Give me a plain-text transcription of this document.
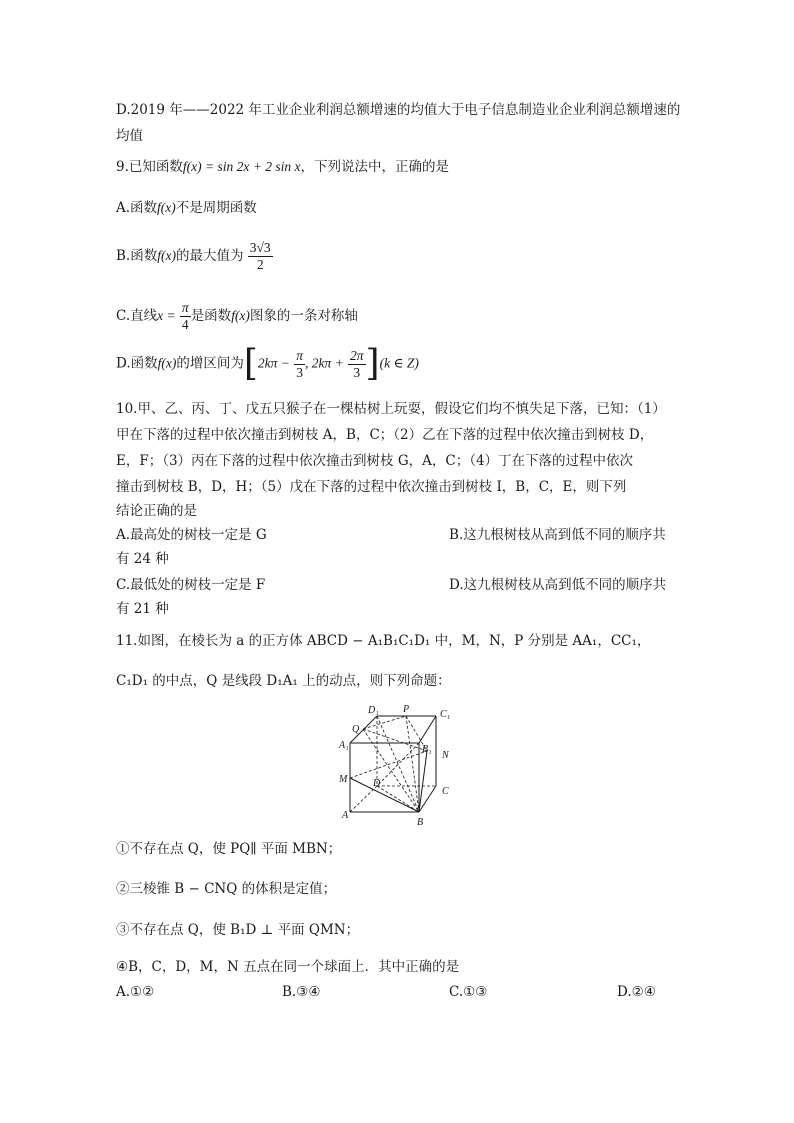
D.2019 年——2022 年工业企业利润总额增速的均值大于电子信息制造业企业利润总额增速的
均值
9.已知函数f(x) = sin 2x + 2 sin x，下列说法中，正确的是
A.函数f(x)不是周期函数
B.函数f(x)的最大值为 $\frac{3√3}{2}$
C.直线$x = \frac{\pi}{4}$ 是函数f(x)图象的一条对称轴
D.函数f(x)的增区间为[$2k\pi - \frac{\pi}{3}$ , $2k\pi + \frac{2\pi}{3} ](k$ ∈ Z)
10.甲、乙、丙、丁、戊五只猴子在一棵枯树上玩耍，假设它们均不慎失足下落，已知：（1）
甲在下落的过程中依次撞击到树枝 A，B，C；（2）乙在下落的过程中依次撞击到树枝 D，
E，F；（3）丙在下落的过程中依次撞击到树枝 G，A，C；（4）丁在下落的过程中依次
撞击到树枝 B，D，H；（5）戊在下落的过程中依次撞击到树枝 I，B，C，E，则下列
结论正确的是
A.最高处的树枝一定是 G	B.这九根树枝从高到低不同的顺序共
有 24 种
C.最低处的树枝一定是 F	D.这九根树枝从高到低不同的顺序共
有 21 种
11.如图，在棱长为 a 的正方体 ABCD − A₁B₁C₁D₁ 中，M，N，P 分别是 AA₁，CC₁，
C₁D₁ 的中点，Q 是线段 D₁A₁ 上的动点，则下列命题：
D₁ P	C₁
Q
A₁	B₁
N
M	D
C
A
B
①不存在点 Q，使 PQ∥ 平面 MBN；
②三棱锥 B − CNQ 的体积是定值；
③不存在点 Q，使 B₁D ⊥ 平面 QMN；
④B，C，D，M，N 五点在同一个球面上．其中正确的是
A.①②	B.③④	C.①③	D.②④
